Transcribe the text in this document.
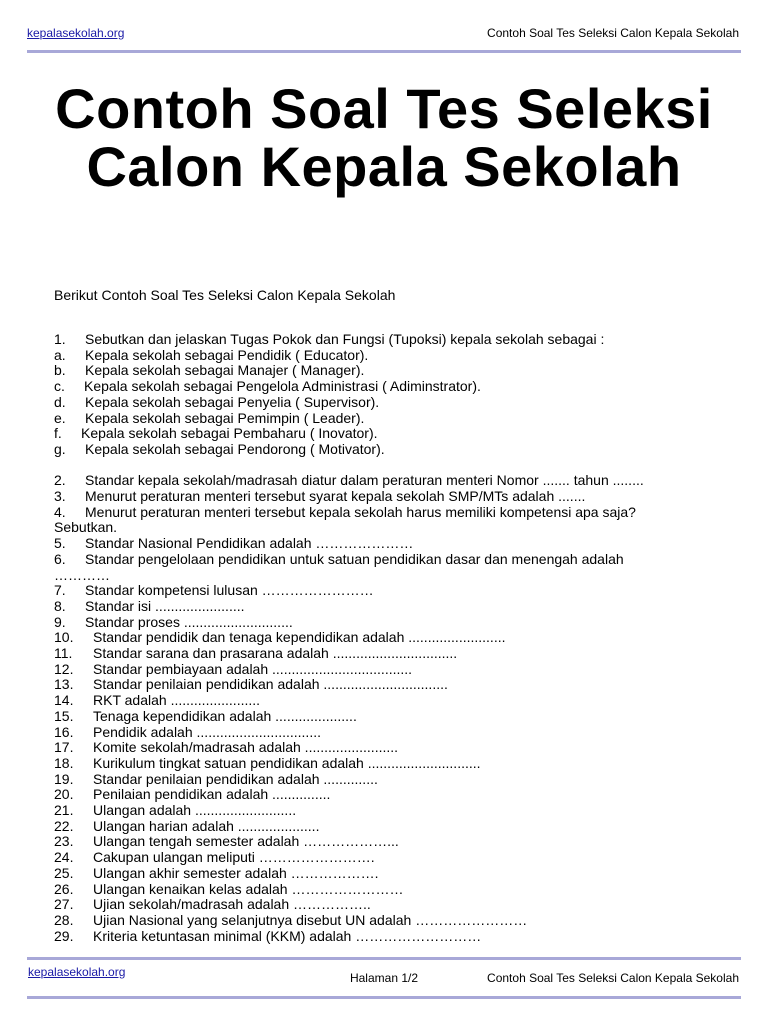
kepalasekolah.org	Contoh Soal Tes Seleksi Calon Kepala Sekolah
Contoh Soal Tes Seleksi Calon Kepala Sekolah
Berikut Contoh Soal Tes Seleksi Calon Kepala Sekolah
1. Sebutkan dan jelaskan Tugas Pokok dan Fungsi (Tupoksi) kepala sekolah sebagai :
a. Kepala sekolah sebagai Pendidik ( Educator).
b. Kepala sekolah sebagai Manajer ( Manager).
c. Kepala sekolah sebagai Pengelola Administrasi ( Adiminstrator).
d. Kepala sekolah sebagai Penyelia ( Supervisor).
e. Kepala sekolah sebagai Pemimpin ( Leader).
f. Kepala sekolah sebagai Pembaharu ( Inovator).
g. Kepala sekolah sebagai Pendorong ( Motivator).
2. Standar kepala sekolah/madrasah diatur dalam peraturan menteri Nomor ....... tahun ........
3. Menurut peraturan menteri tersebut syarat kepala sekolah SMP/MTs adalah .......
4. Menurut peraturan menteri tersebut kepala sekolah harus memiliki kompetensi apa saja?
Sebutkan.
5. Standar Nasional Pendidikan adalah …………………
6. Standar pengelolaan pendidikan untuk satuan pendidikan dasar dan menengah adalah
…………
7. Standar kompetensi lulusan ……………………
8. Standar isi .......................
9. Standar proses ............................
10. Standar pendidik dan tenaga kependidikan adalah .........................
11. Standar sarana dan prasarana adalah ................................
12. Standar pembiayaan adalah ....................................
13. Standar penilaian pendidikan adalah ................................
14. RKT adalah .......................
15. Tenaga kependidikan adalah .....................
16. Pendidik adalah ................................
17. Komite sekolah/madrasah adalah ........................
18. Kurikulum tingkat satuan pendidikan adalah .............................
19. Standar penilaian pendidikan adalah ..............
20. Penilaian pendidikan adalah ...............
21. Ulangan adalah ..........................
22. Ulangan harian adalah .....................
23. Ulangan tengah semester adalah ………………...
24. Cakupan ulangan meliputi …………………….
25. Ulangan akhir semester adalah ……………….
26. Ulangan kenaikan kelas adalah ……………………
27. Ujian sekolah/madrasah adalah ……………..
28. Ujian Nasional yang selanjutnya disebut UN adalah ……………………
29. Kriteria ketuntasan minimal (KKM) adalah ………………………
kepalasekolah.org	Halaman 1/2	Contoh Soal Tes Seleksi Calon Kepala Sekolah
